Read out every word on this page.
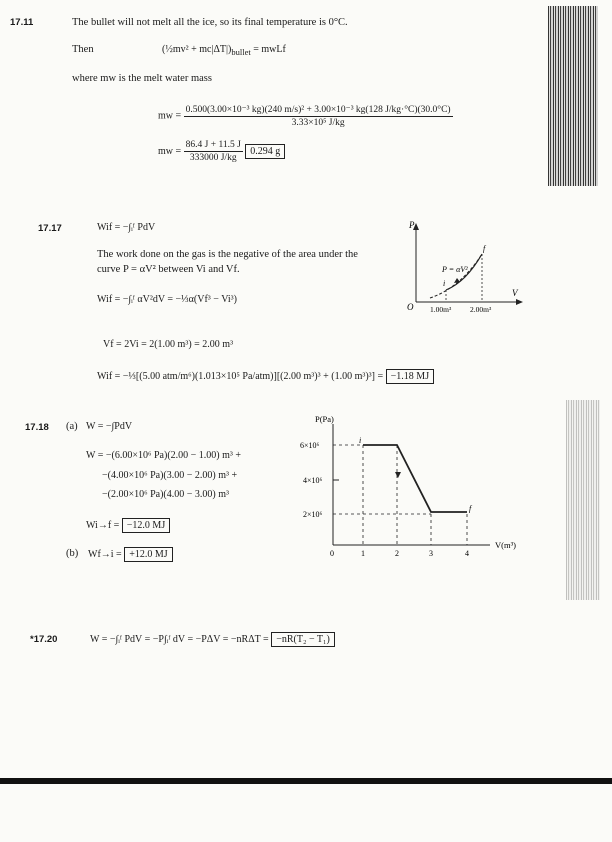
17.11	The bullet will not melt all the ice, so its final temperature is 0°C.
Then	(½mv² + $mc|\Delta T|)_{bullet}$ = mwLf
where mw is the melt water mass
mw =
0.500(3.00×10⁻³ kg)(240 m/s)² + 3.00×10⁻³ kg(128 J/kg·°C)(30.0°C)
3.33×10⁵ J/kg
mw = $\frac{86.4 J + 11.5 J}{333000 J/kg} 0.294$ g
17.17	Wif = −∫ᵢᶠ PdV
The work done on the gas is the negative of the area under the
curve P = αV² between Vi and Vf.
Wif = −∫ᵢᶠ αV²dV = −⅓α(Vf³ − Vi³)
Vf = 2Vi = 2(1.00 m³) = 2.00 m³
Wif = −⅓[(5.00 atm/m⁶)(1.013×10⁵ Pa/atm)][(2.00 m³)³ + (1.00 m³)³] = −1.18 MJ
P
V
O
P = αV²
i
f
1.00m³	2.00m³
17.18 (a) W = −∫PdV
W = −(6.00×10⁶ Pa)(2.00 − 1.00) m³ +
−(4.00×10⁶ Pa)(3.00 − 2.00) m³ +
−(2.00×10⁶ Pa)(4.00 − 3.00) m³
Wi→f = −12.0 MJ
(b) Wf→i = +12.0 MJ
P(Pa)
V(m³)
6×10⁶
4×10⁶
2×10⁶
i
f
0	1	2	3	4
*17.20	W = −∫ᵢᶠ PdV = −P∫ᵢᶠ dV = −PΔV = −nRΔT = −nR(T₂ − T₁)
